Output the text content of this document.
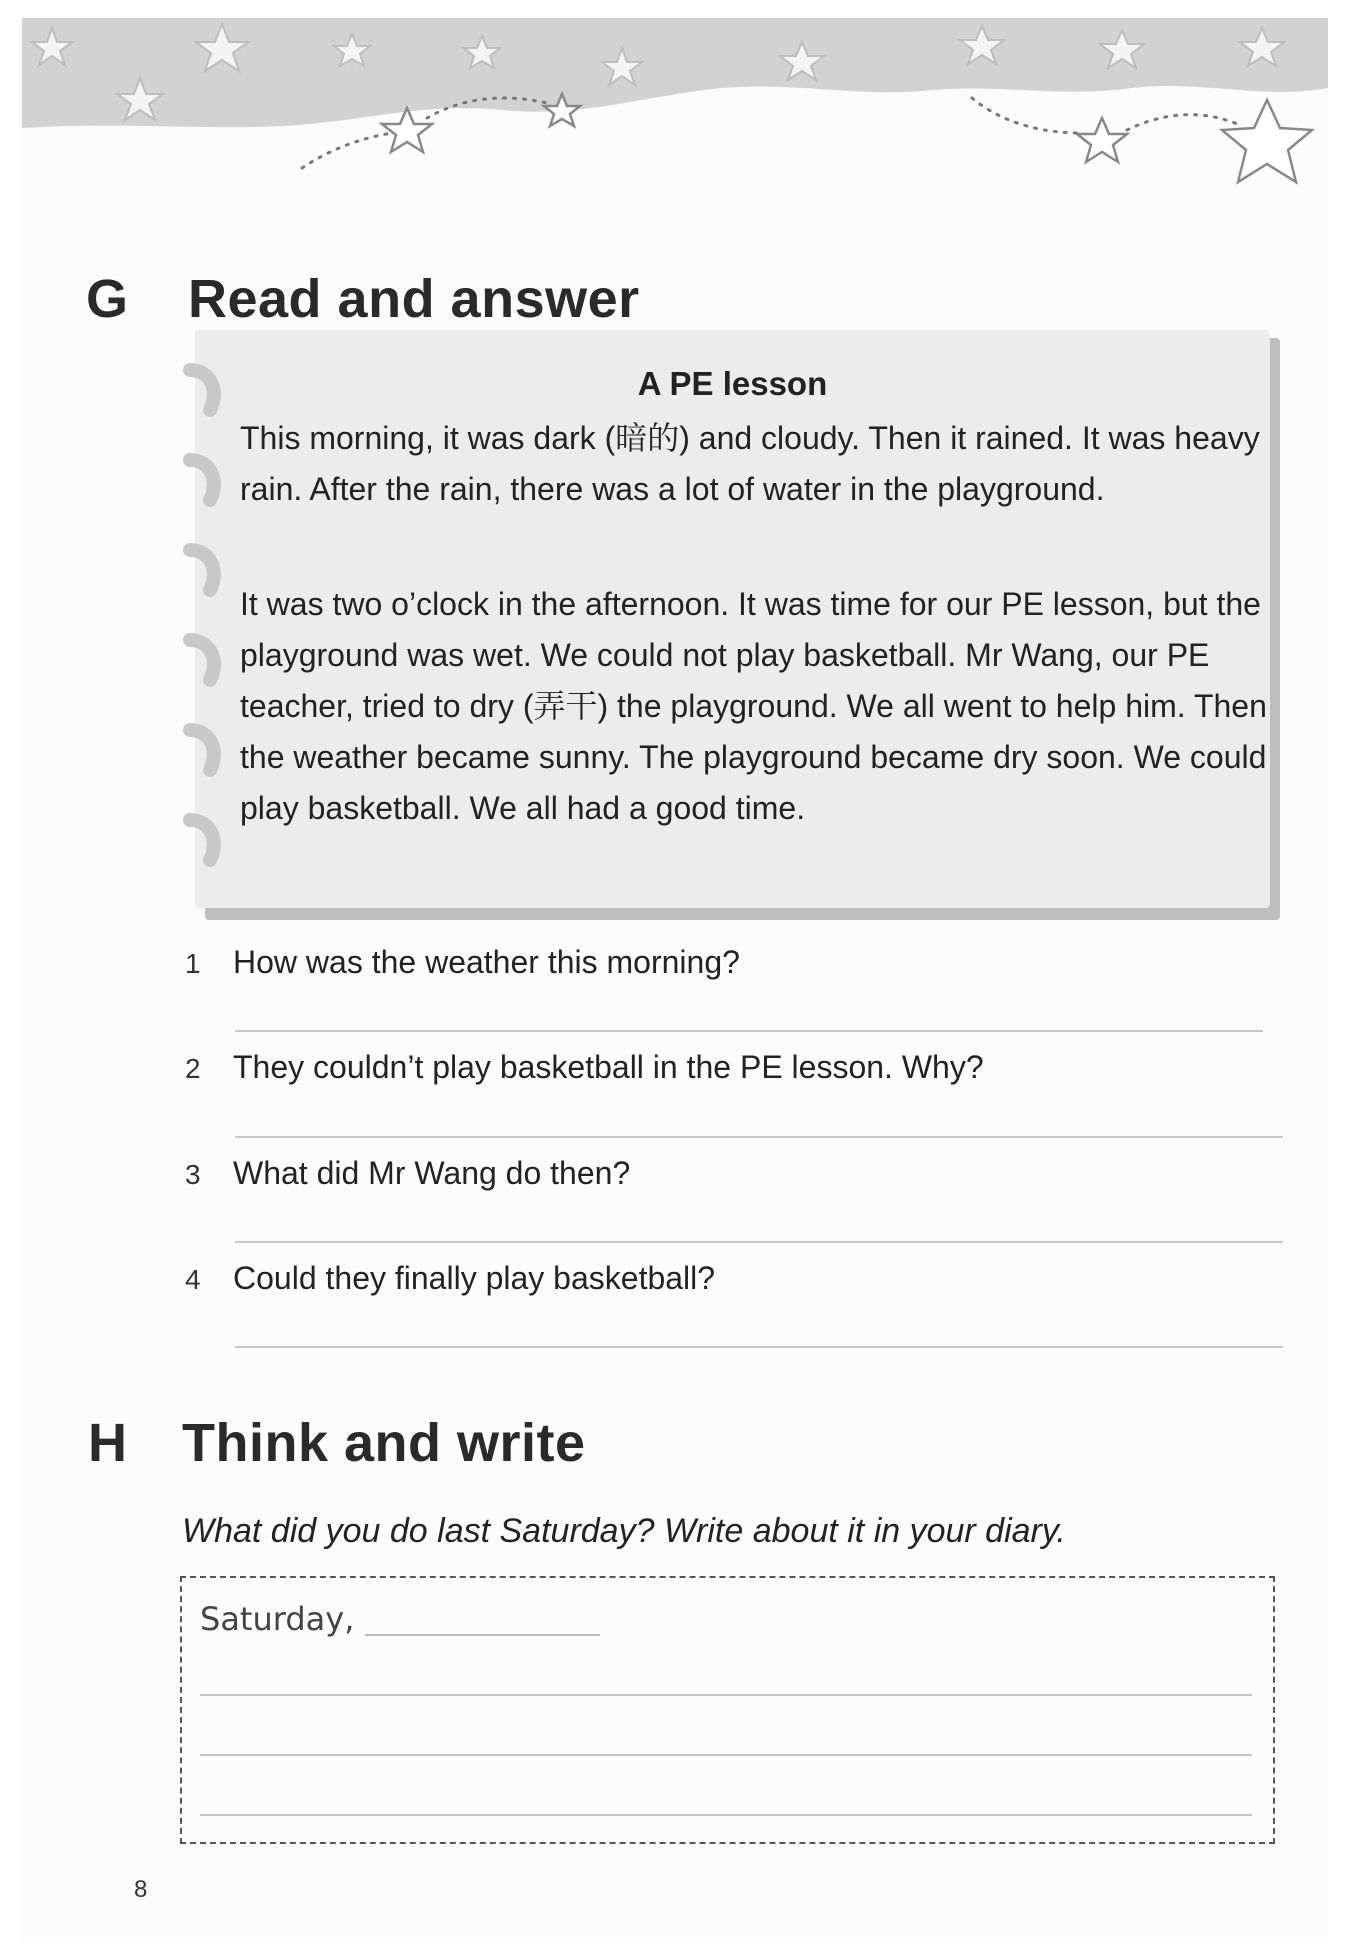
G Read and answer
A PE lesson
This morning, it was dark (暗的) and cloudy. Then it rained. It was heavy rain. After the rain, there was a lot of water in the playground.
It was two o’clock in the afternoon. It was time for our PE lesson, but the playground was wet. We could not play basketball. Mr Wang, our PE teacher, tried to dry (弄干) the playground. We all went to help him. Then the weather became sunny. The playground became dry soon. We could play basketball. We all had a good time.
1 How was the weather this morning?
2 They couldn’t play basketball in the PE lesson. Why?
3 What did Mr Wang do then?
4 Could they finally play basketball?
H Think and write
What did you do last Saturday? Write about it in your diary.
Saturday,
8
